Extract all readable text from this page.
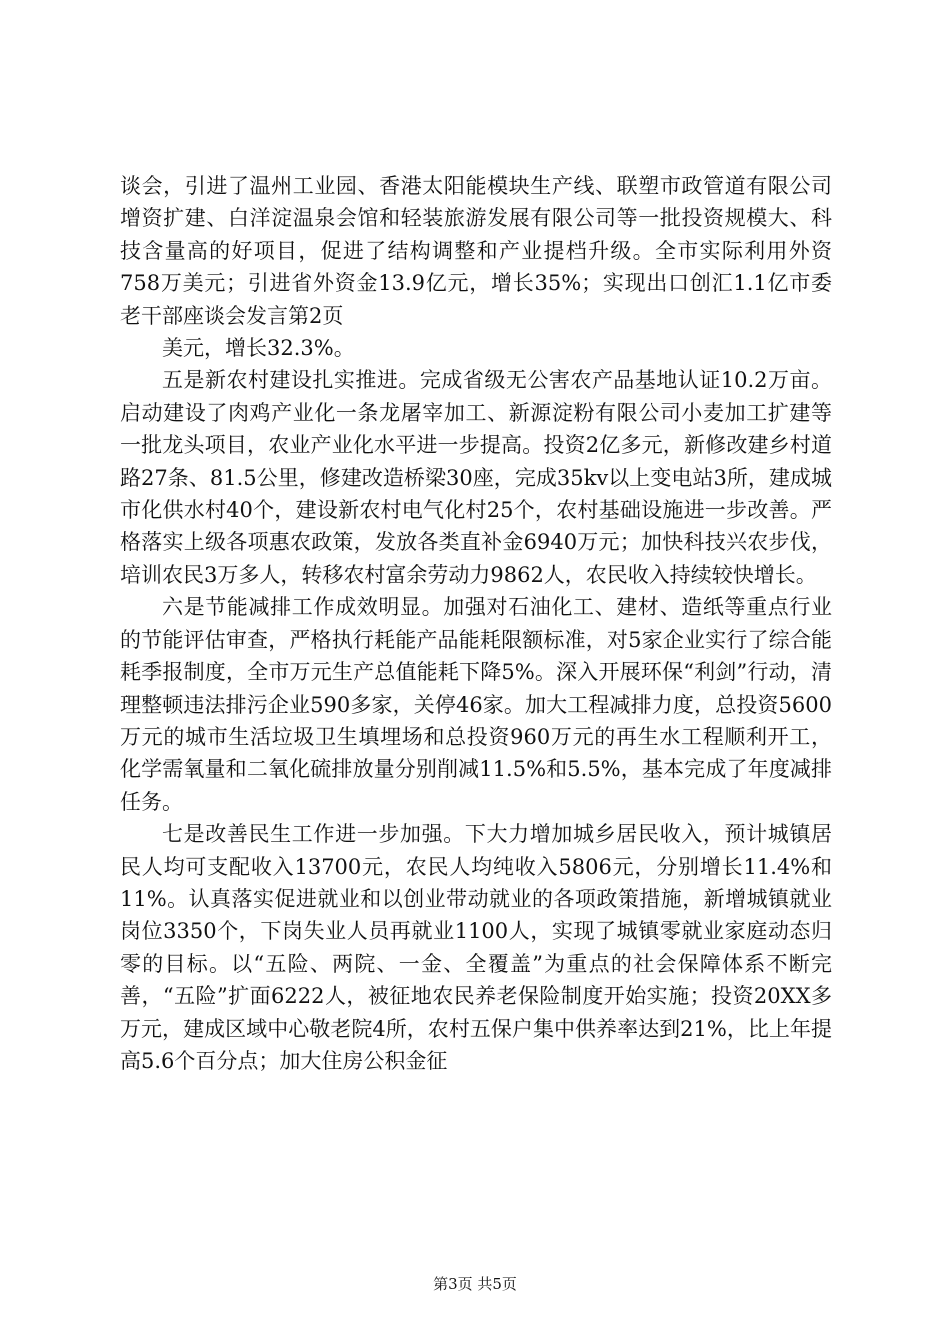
谈会，引进了温州工业园、香港太阳能模块生产线、联塑市政管道有限公司增资扩建、白洋淀温泉会馆和轻装旅游发展有限公司等一批投资规模大、科技含量高的好项目，促进了结构调整和产业提档升级。全市实际利用外资758万美元；引进省外资金13.9亿元，增长35%；实现出口创汇1.1亿市委老干部座谈会发言第2页

美元，增长32.3%。

五是新农村建设扎实推进。完成省级无公害农产品基地认证10.2万亩。启动建设了肉鸡产业化一条龙屠宰加工、新源淀粉有限公司小麦加工扩建等一批龙头项目，农业产业化水平进一步提高。投资2亿多元，新修改建乡村道路27条、81.5公里，修建改造桥梁30座，完成35kv以上变电站3所，建成城市化供水村40个，建设新农村电气化村25个，农村基础设施进一步改善。严格落实上级各项惠农政策，发放各类直补金6940万元；加快科技兴农步伐，培训农民3万多人，转移农村富余劳动力9862人，农民收入持续较快增长。

六是节能减排工作成效明显。加强对石油化工、建材、造纸等重点行业的节能评估审查，严格执行耗能产品能耗限额标准，对5家企业实行了综合能耗季报制度，全市万元生产总值能耗下降5%。深入开展环保“利剑”行动，清理整顿违法排污企业590多家，关停46家。加大工程减排力度，总投资5600万元的城市生活垃圾卫生填埋场和总投资960万元的再生水工程顺利开工，化学需氧量和二氧化硫排放量分别削减11.5%和5.5%，基本完成了年度减排任务。

七是改善民生工作进一步加强。下大力增加城乡居民收入，预计城镇居民人均可支配收入13700元，农民人均纯收入5806元，分别增长11.4%和11%。认真落实促进就业和以创业带动就业的各项政策措施，新增城镇就业岗位3350个，下岗失业人员再就业1100人，实现了城镇零就业家庭动态归零的目标。以“五险、两院、一金、全覆盖”为重点的社会保障体系不断完善，“五险”扩面6222人，被征地农民养老保险制度开始实施；投资20XX多万元，建成区域中心敬老院4所，农村五保户集中供养率达到21%，比上年提高5.6个百分点；加大住房公积金征

第3页 共5页
